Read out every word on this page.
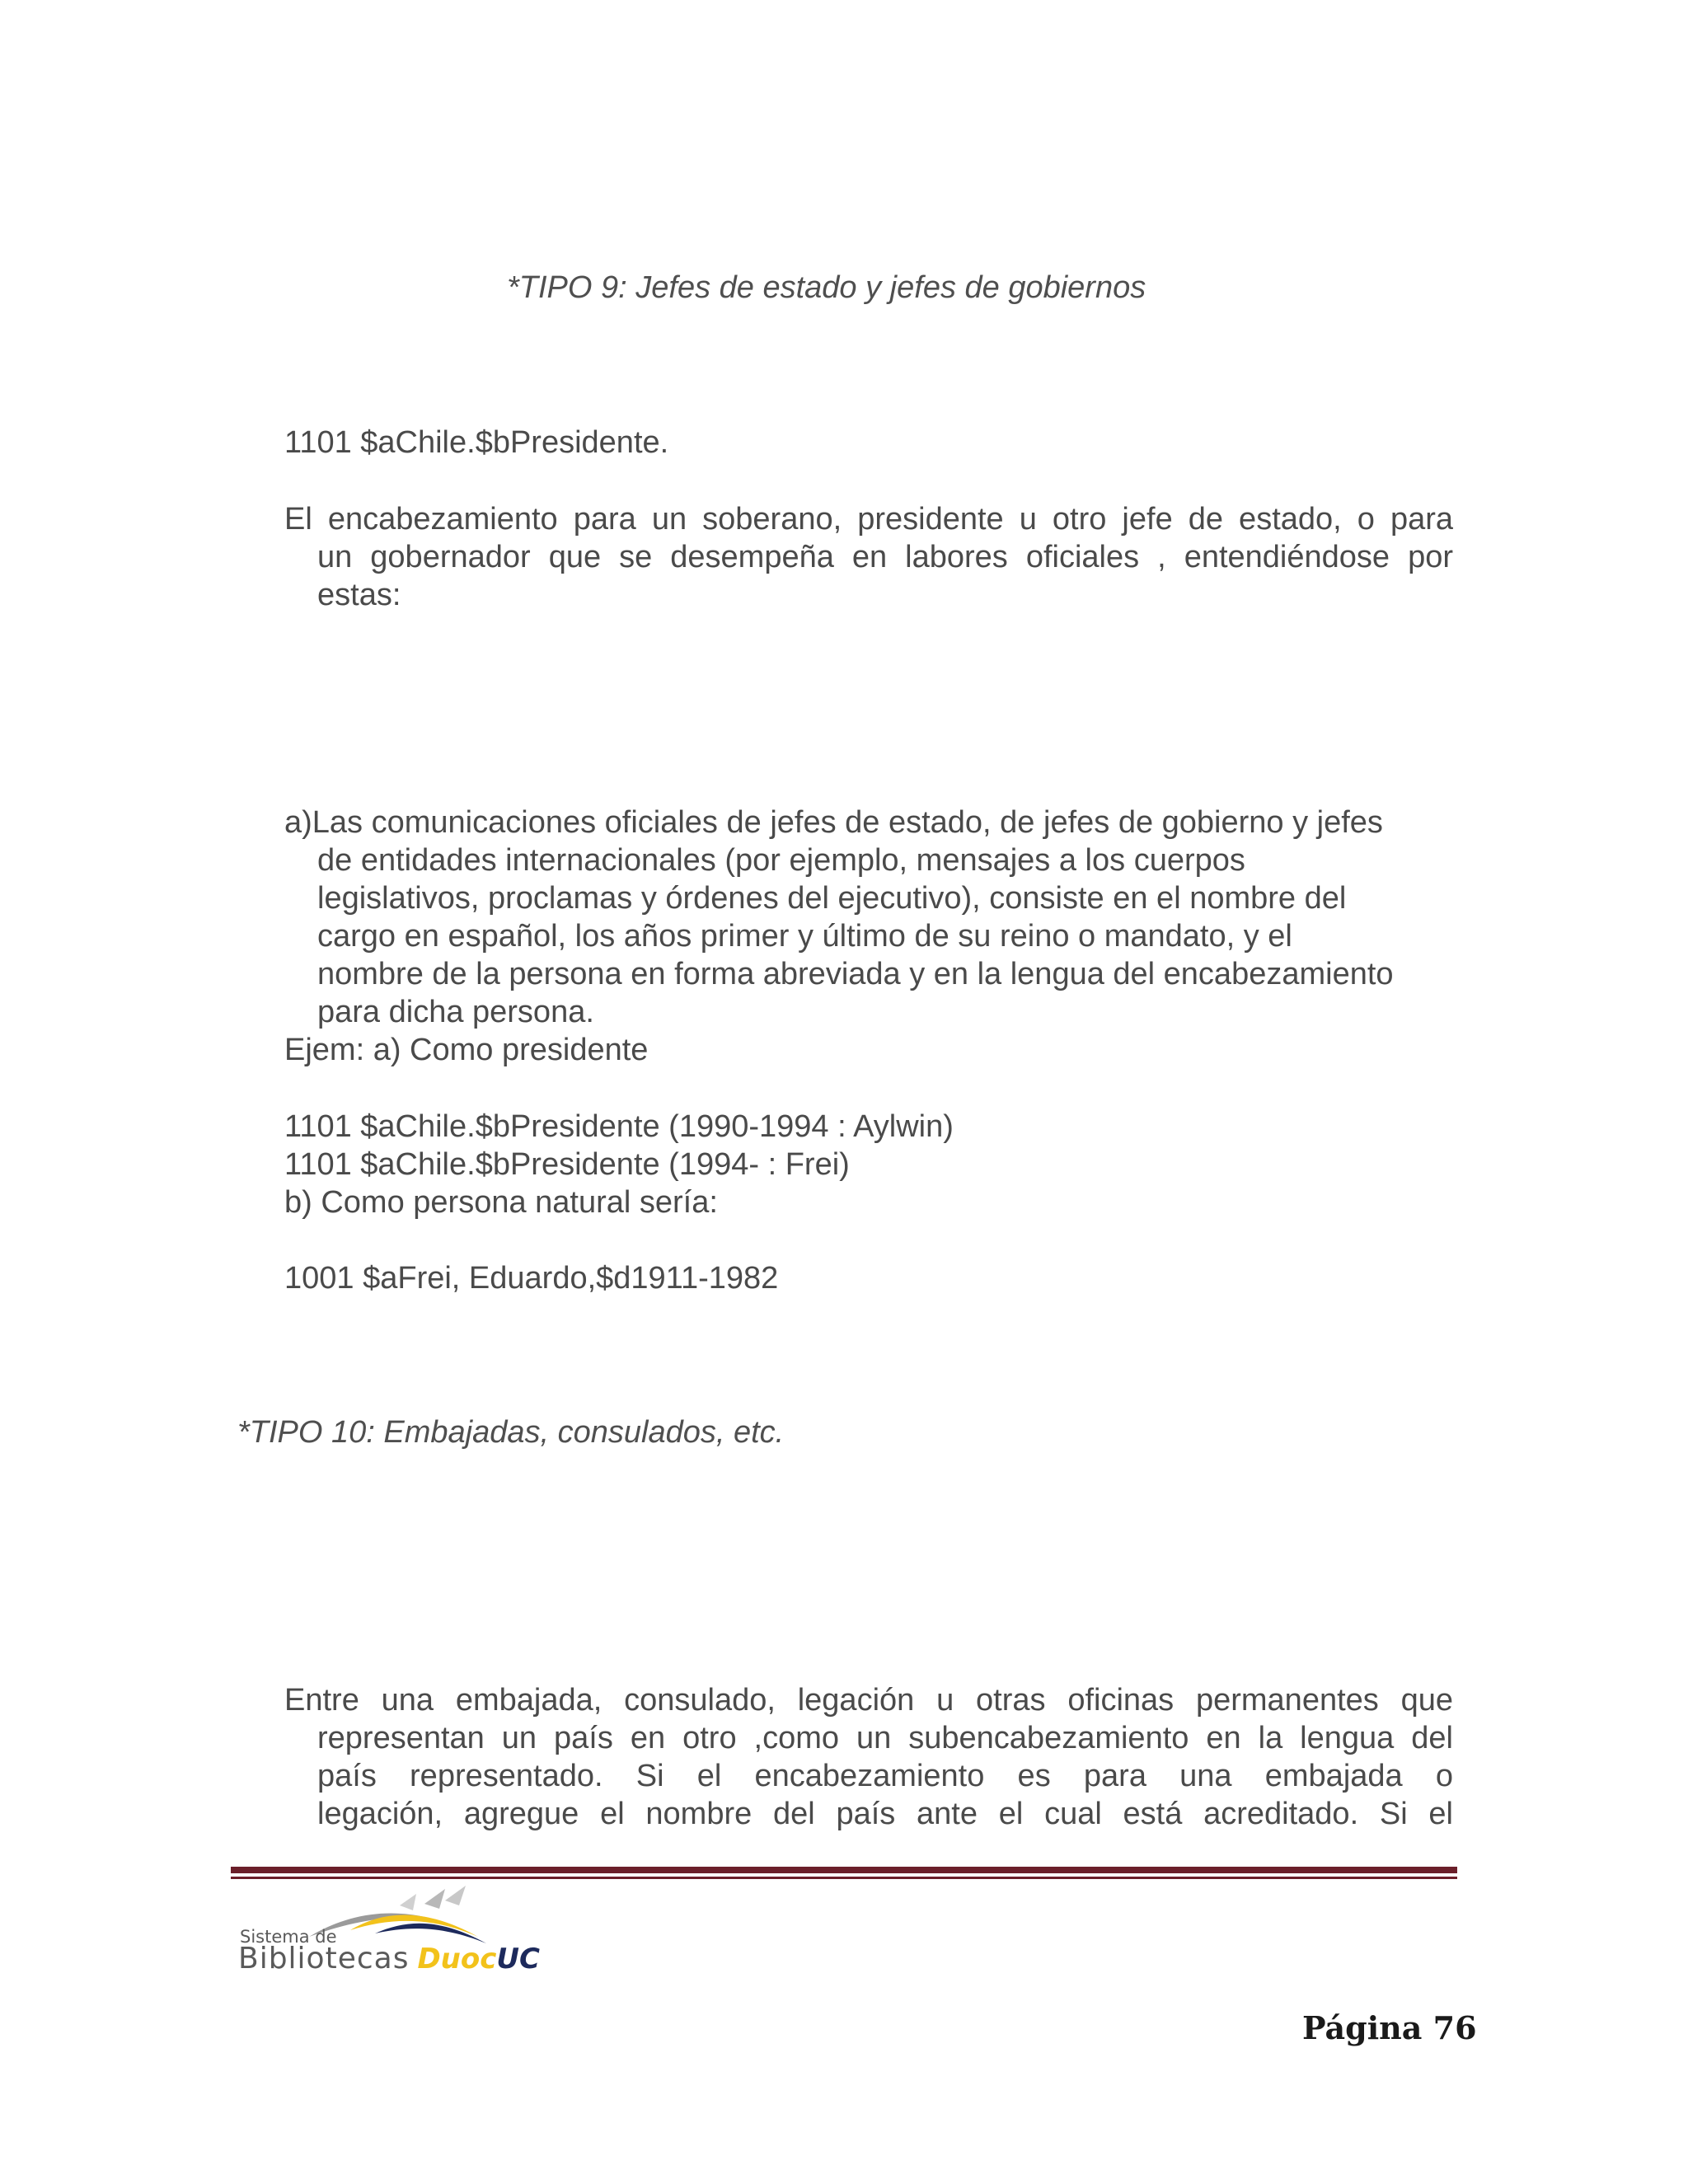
*TIPO 9: Jefes de estado y jefes de gobiernos
1101 $aChile.$bPresidente.
El encabezamiento para un soberano, presidente u otro jefe de estado, o para
un gobernador que se desempeña en labores oficiales , entendiéndose por
estas:
a)Las comunicaciones oficiales de jefes de estado, de jefes de gobierno y jefes
de entidades internacionales (por ejemplo, mensajes a los cuerpos
legislativos, proclamas y órdenes del ejecutivo), consiste en el nombre del
cargo en español, los años primer y último de su reino o mandato, y el
nombre de la persona en forma abreviada y en la lengua del encabezamiento
para dicha persona.
Ejem: a) Como presidente
1101 $aChile.$bPresidente (1990-1994 : Aylwin)
1101 $aChile.$bPresidente (1994- : Frei)
b) Como persona natural sería:
1001 $aFrei, Eduardo,$d1911-1982
*TIPO 10: Embajadas, consulados, etc.
Entre una embajada, consulado, legación u otras oficinas permanentes que
representan un país en otro ,como un subencabezamiento en la lengua del
país representado. Si el encabezamiento es para una embajada o
legación, agregue el nombre del país ante el cual está acreditado. Si el
Sistema de
Bibliotecas DuocUC
Página 76
